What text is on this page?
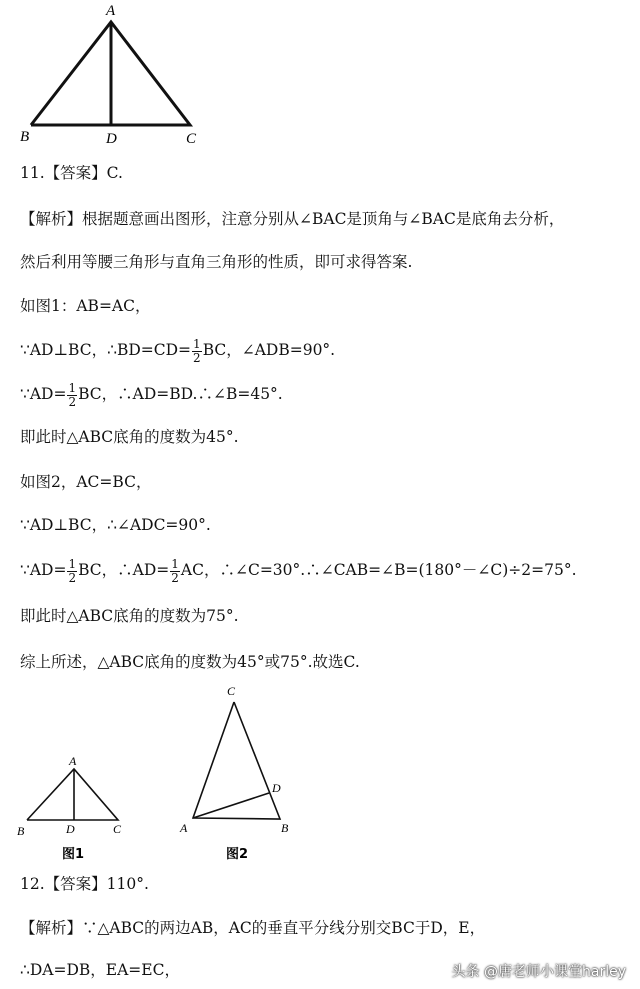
A
B	D	C
11.【答案】C.
【解析】根据题意画出图形，注意分别从∠BAC是顶角与∠BAC是底角去分析，
然后利用等腰三角形与直角三角形的性质，即可求得答案.
如图1：AB=AC，
∵AD⊥BC，∴BD=CD= $\frac{1}{2}$ BC，∠ADB=90°.
∵AD= $\frac{1}{2}$ BC，∴AD=BD.∴∠B=45°.
即此时△ABC底角的度数为45°.
如图2，AC=BC，
∵AD⊥BC，∴∠ADC=90°.
∵AD= $\frac{1}{2}$ BC，∴AD= $\frac{1}{2}$ AC，∴∠C=30°.∴∠CAB=∠B=(180°－∠C)÷2=75°.
即此时△ABC底角的度数为75°.
综上所述，△ABC底角的度数为45°或75°.故选C.
A
B	D	C
图1
C
D
A	B
图2
12.【答案】110°.
【解析】∵△ABC的两边AB，AC的垂直平分线分别交BC于D，E，
∴DA=DB，EA=EC，	头条 @唐老师小课堂harley
